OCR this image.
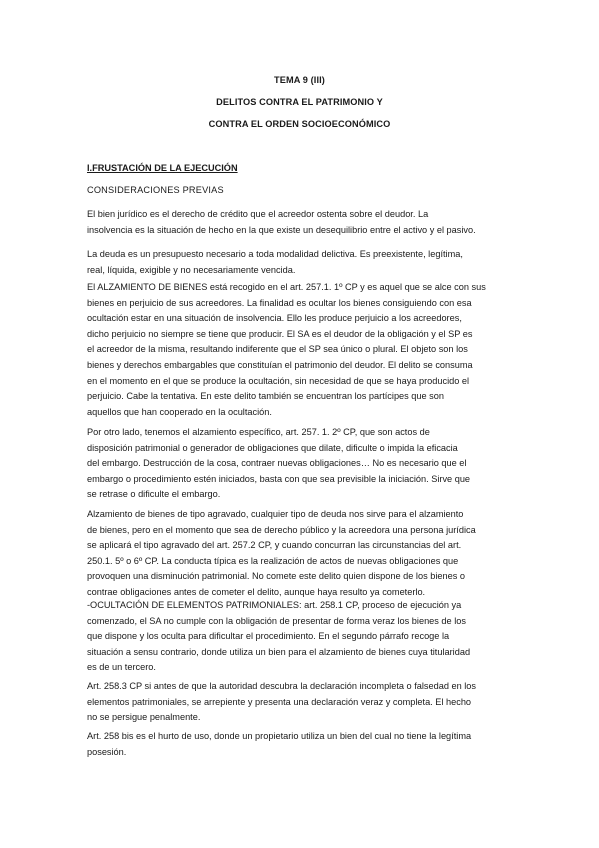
TEMA 9 (III)
DELITOS CONTRA EL PATRIMONIO Y
CONTRA EL ORDEN SOCIOECONÓMICO
I.FRUSTACIÓN DE LA EJECUCIÓN
CONSIDERACIONES PREVIAS

El bien jurídico es el derecho de crédito que el acreedor ostenta sobre el deudor. La

insolvencia es la situación de hecho en la que existe un desequilibrio entre el activo y el pasivo.

La deuda es un presupuesto necesario a toda modalidad delictiva. Es preexistente, legítima,

real, líquida, exigible y no necesariamente vencida.

El ALZAMIENTO DE BIENES está recogido en el art. 257.1. 1º CP y es aquel que se alce con sus

bienes en perjuicio de sus acreedores. La finalidad es ocultar los bienes consiguiendo con esa

ocultación estar en una situación de insolvencia. Ello les produce perjuicio a los acreedores,

dicho perjuicio no siempre se tiene que producir. El SA es el deudor de la obligación y el SP es

el acreedor de la misma, resultando indiferente que el SP sea único o plural. El objeto son los

bienes y derechos embargables que constituían el patrimonio del deudor. El delito se consuma

en el momento en el que se produce la ocultación, sin necesidad de que se haya producido el

perjuicio. Cabe la tentativa. En este delito también se encuentran los partícipes que son

aquellos que han cooperado en la ocultación.

Por otro lado, tenemos el alzamiento específico, art. 257. 1. 2º CP, que son actos de

disposición patrimonial o generador de obligaciones que dilate, dificulte o impida la eficacia

del embargo. Destrucción de la cosa, contraer nuevas obligaciones… No es necesario que el

embargo o procedimiento estén iniciados, basta con que sea previsible la iniciación. Sirve que

se retrase o dificulte el embargo.

Alzamiento de bienes de tipo agravado, cualquier tipo de deuda nos sirve para el alzamiento

de bienes, pero en el momento que sea de derecho público y la acreedora una persona jurídica

se aplicará el tipo agravado del art. 257.2 CP, y cuando concurran las circunstancias del art.

250.1. 5º o 6º CP. La conducta típica es la realización de actos de nuevas obligaciones que

provoquen una disminución patrimonial. No comete este delito quien dispone de los bienes o

contrae obligaciones antes de cometer el delito, aunque haya resulto ya cometerlo.

-OCULTACIÓN DE ELEMENTOS PATRIMONIALES: art. 258.1 CP, proceso de ejecución ya

comenzado, el SA no cumple con la obligación de presentar de forma veraz los bienes de los

que dispone y los oculta para dificultar el procedimiento. En el segundo párrafo recoge la

situación a sensu contrario, donde utiliza un bien para el alzamiento de bienes cuya titularidad

es de un tercero.

Art. 258.3 CP si antes de que la autoridad descubra la declaración incompleta o falsedad en los

elementos patrimoniales, se arrepiente y presenta una declaración veraz y completa. El hecho

no se persigue penalmente.

Art. 258 bis es el hurto de uso, donde un propietario utiliza un bien del cual no tiene la legítima

posesión.
